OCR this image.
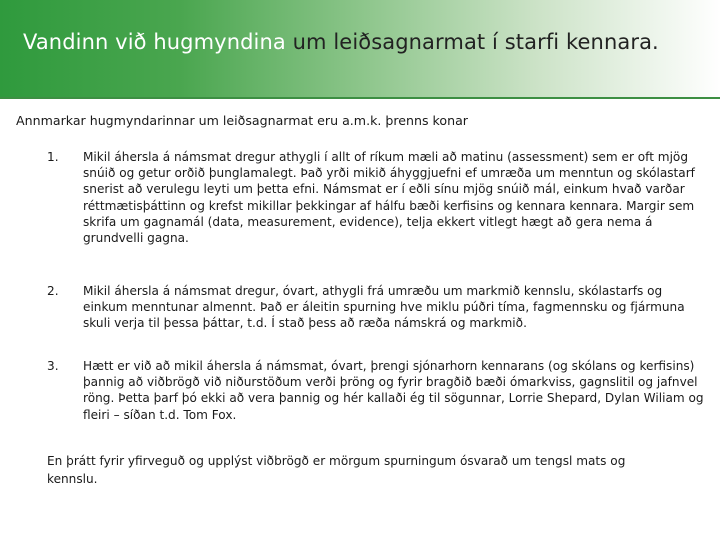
Vandinn við hugmyndina um leiðsagnarmat í starfi kennara.
Annmarkar hugmyndarinnar um leiðsagnarmat eru a.m.k. þrenns konar
1.	Mikil áhersla á námsmat dregur athygli í allt of ríkum mæli að matinu (assessment) sem er oft mjög snúið og getur orðið þunglamalegt. Það yrði mikið áhyggjuefni ef umræða um menntun og skólastarf snerist að verulegu leyti um þetta efni. Námsmat er í eðli sínu mjög snúið mál, einkum hvað varðar réttmætisþáttinn og krefst mikillar þekkingar af hálfu bæði kerfisins og kennara kennara. Margir sem skrifa um gagnamál (data, measurement, evidence), telja ekkert vitlegt hægt að gera nema á grundvelli gagna.
2.	Mikil áhersla á námsmat dregur, óvart, athygli frá umræðu um markmið kennslu, skólastarfs og einkum menntunar almennt. Það er áleitin spurning hve miklu púðri tíma, fagmennsku og fjármuna skuli verja til þessa þáttar, t.d. Í stað þess að ræða námskrá og markmið.
3.	Hætt er við að mikil áhersla á námsmat, óvart, þrengi sjónarhorn kennarans (og skólans og kerfisins) þannig að viðbrögð við niðurstöðum verði þröng og fyrir bragðið bæði ómarkviss, gagnslitil og jafnvel röng. Þetta þarf þó ekki að vera þannig og hér kallaði ég til sögunnar, Lorrie Shepard, Dylan Wiliam og fleiri – síðan t.d. Tom Fox.
En þrátt fyrir yfirveguð og upplýst viðbrögð er mörgum spurningum ósvarað um tengsl mats og kennslu.
